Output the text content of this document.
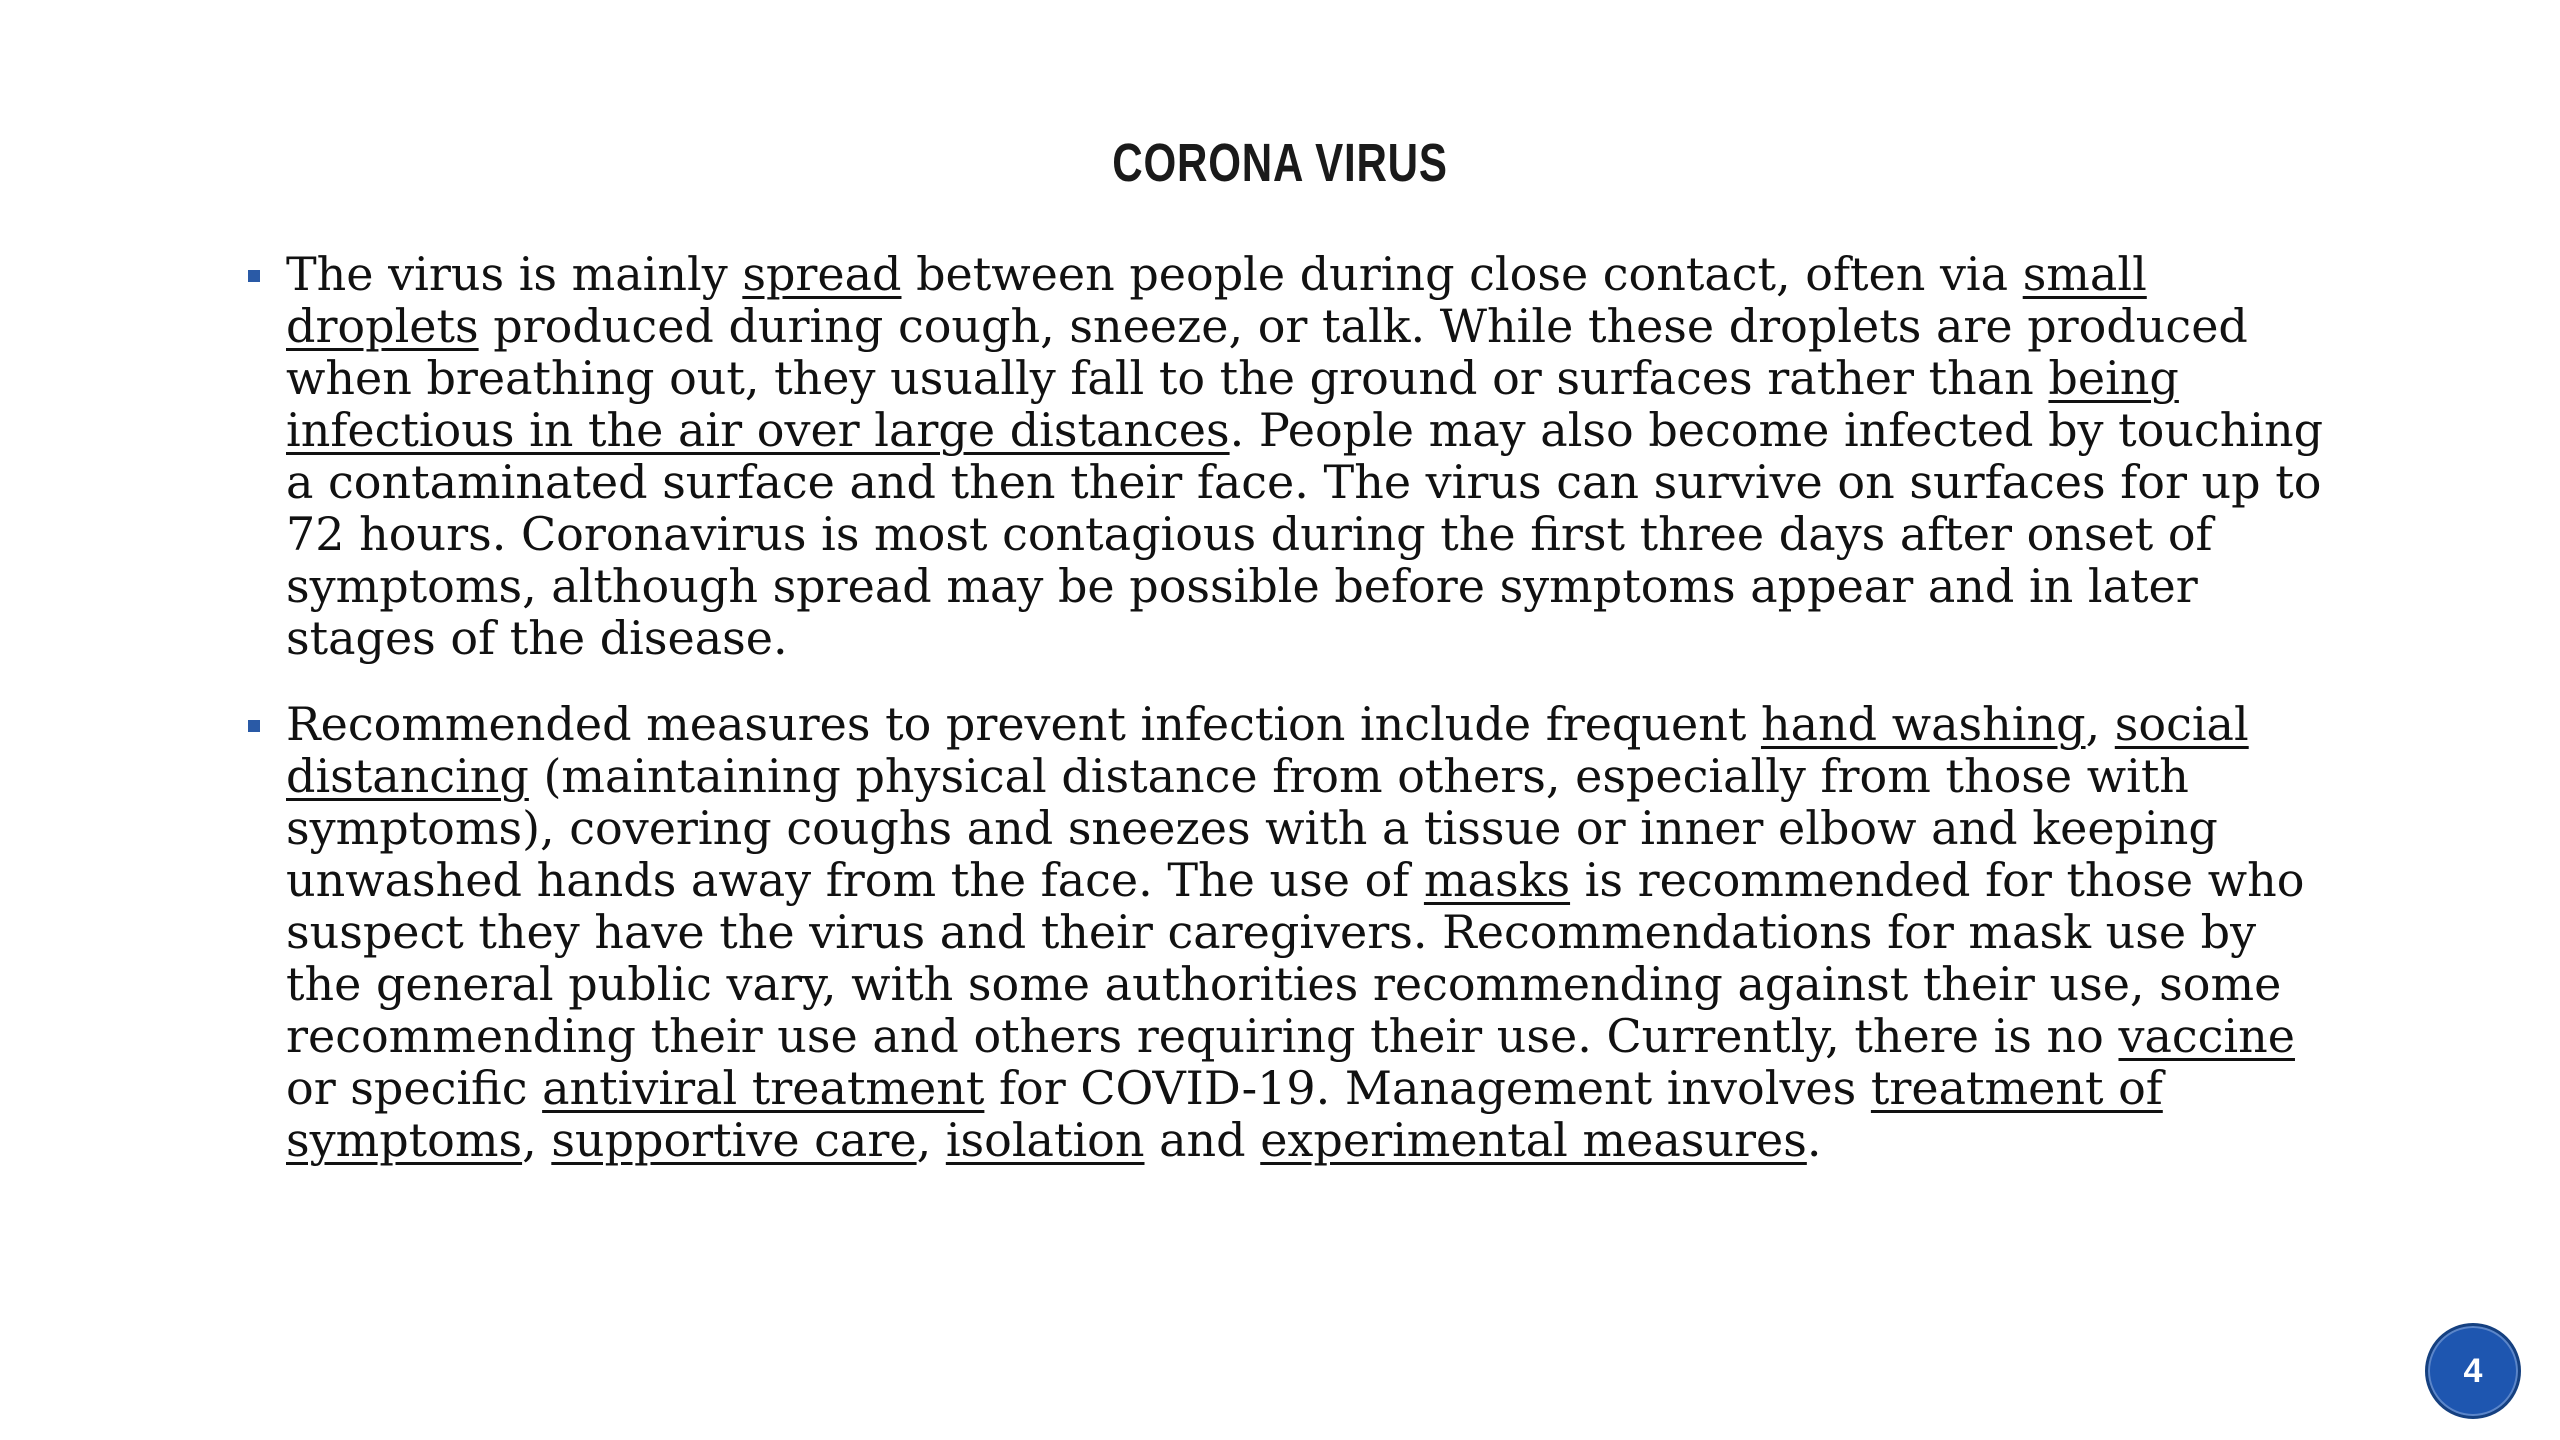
CORONA VIRUS
The virus is mainly spread between people during close contact, often via small droplets produced during cough, sneeze, or talk. While these droplets are produced when breathing out, they usually fall to the ground or surfaces rather than being infectious in the air over large distances. People may also become infected by touching a contaminated surface and then their face. The virus can survive on surfaces for up to 72 hours. Coronavirus is most contagious during the first three days after onset of symptoms, although spread may be possible before symptoms appear and in later stages of the disease.
Recommended measures to prevent infection include frequent hand washing, social distancing (maintaining physical distance from others, especially from those with symptoms), covering coughs and sneezes with a tissue or inner elbow and keeping unwashed hands away from the face. The use of masks is recommended for those who suspect they have the virus and their caregivers. Recommendations for mask use by the general public vary, with some authorities recommending against their use, some recommending their use and others requiring their use. Currently, there is no vaccine or specific antiviral treatment for COVID-19. Management involves treatment of symptoms, supportive care, isolation and experimental measures.
4
